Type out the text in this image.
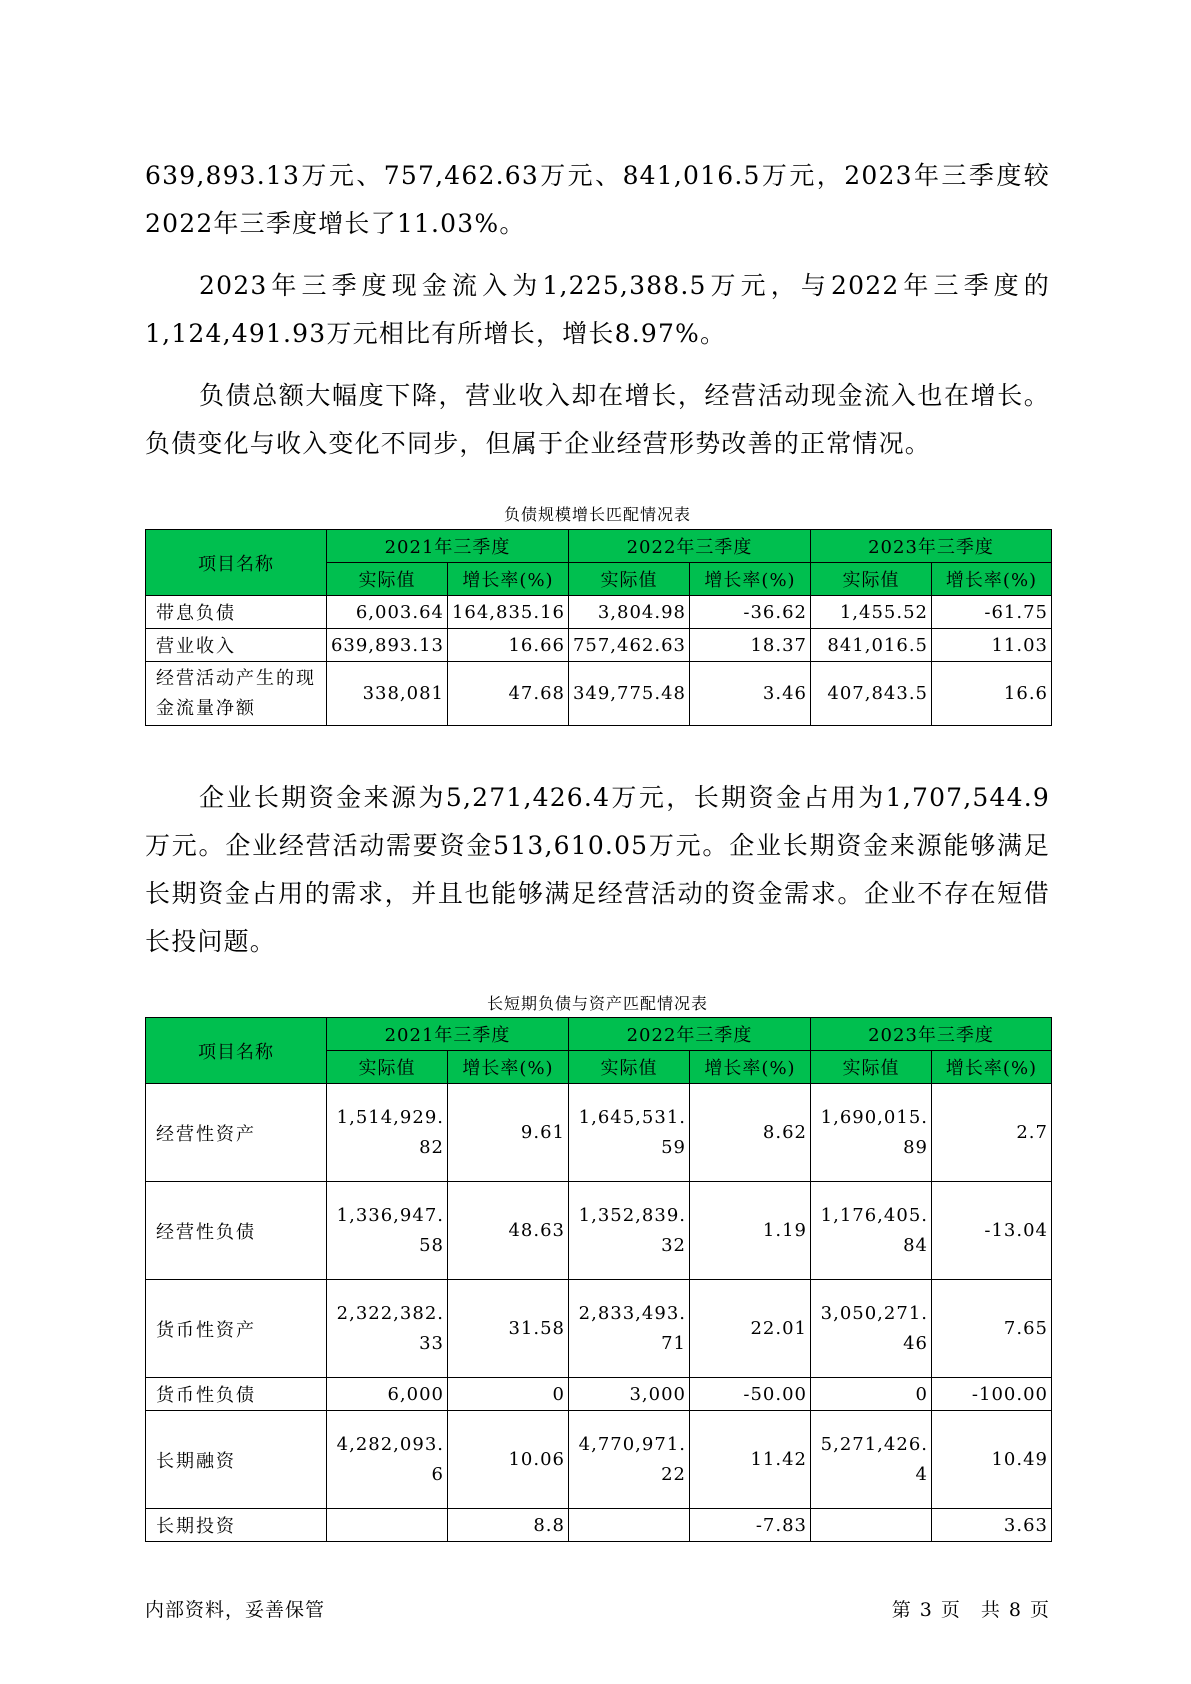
639,893.13万元、757,462.63万元、841,016.5万元，2023年三季度较2022年三季度增长了11.03%。

2023年三季度现金流入为1,225,388.5万元，与2022年三季度的1,124,491.93万元相比有所增长，增长8.97%。

负债总额大幅度下降，营业收入却在增长，经营活动现金流入也在增长。负债变化与收入变化不同步，但属于企业经营形势改善的正常情况。

负债规模增长匹配情况表
项目名称	2021年三季度		2022年三季度		2023年三季度	
	实际值	增长率(%)	实际值	增长率(%)	实际值	增长率(%)
带息负债	6,003.64	164,835.16	3,804.98	-36.62	1,455.52	-61.75
营业收入	639,893.13	16.66	757,462.63	18.37	841,016.5	11.03
经营活动产生的现金流量净额	338,081	47.68	349,775.48	3.46	407,843.5	16.6

企业长期资金来源为5,271,426.4万元，长期资金占用为1,707,544.9万元。企业经营活动需要资金513,610.05万元。企业长期资金来源能够满足长期资金占用的需求，并且也能够满足经营活动的资金需求。企业不存在短借长投问题。

长短期负债与资产匹配情况表
项目名称	2021年三季度		2022年三季度		2023年三季度	
	实际值	增长率(%)	实际值	增长率(%)	实际值	增长率(%)
经营性资产	1,514,929.82	9.61	1,645,531.59	8.62	1,690,015.89	2.7
经营性负债	1,336,947.58	48.63	1,352,839.32	1.19	1,176,405.84	-13.04
货币性资产	2,322,382.33	31.58	2,833,493.71	22.01	3,050,271.46	7.65
货币性负债	6,000	0	3,000	-50.00	0	-100.00
长期融资	4,282,093.6	10.06	4,770,971.22	11.42	5,271,426.4	10.49
长期投资		8.8		-7.83		3.63
内部资料，妥善保管	第 3 页　共 8 页
